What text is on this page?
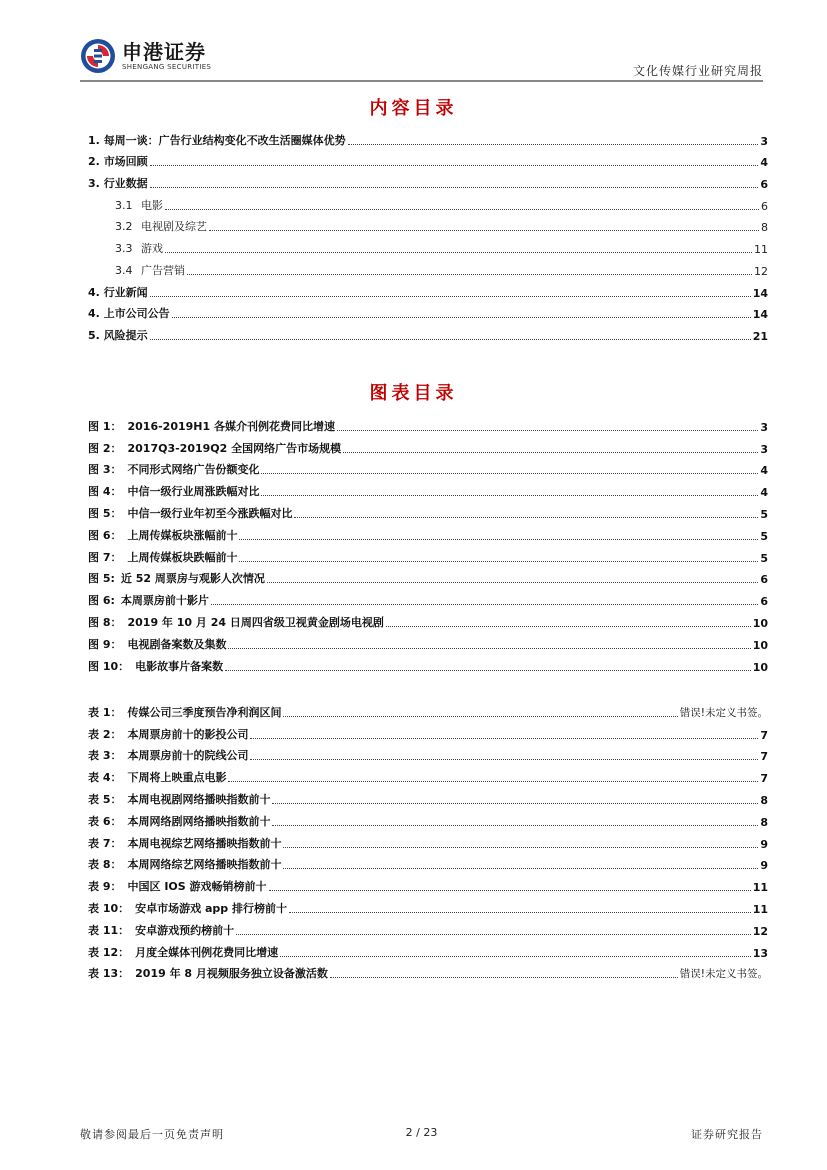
申港证券
SHENGANG SECURITIES	文化传媒行业研究周报
内容目录
1. 每周一谈：广告行业结构变化不改生活圈媒体优势	3
2. 市场回顾	4
3. 行业数据	6
3.1 电影	6
3.2 电视剧及综艺	8
3.3 游戏	11
3.4 广告营销	12
4. 行业新闻	14
4. 上市公司公告	14
5. 风险提示	21
图表目录
图 1： 2016-2019H1 各媒介刊例花费同比增速	3
图 2： 2017Q3-2019Q2 全国网络广告市场规模	3
图 3： 不同形式网络广告份额变化	4
图 4： 中信一级行业周涨跌幅对比	4
图 5： 中信一级行业年初至今涨跌幅对比	5
图 6： 上周传媒板块涨幅前十	5
图 7： 上周传媒板块跌幅前十	5
图 5: 近 52 周票房与观影人次情况	6
图 6: 本周票房前十影片	6
图 8： 2019 年 10 月 24 日周四省级卫视黄金剧场电视剧	10
图 9： 电视剧备案数及集数	10
图 10： 电影故事片备案数	10
表 1： 传媒公司三季度预告净利润区间	错误!未定义书签。
表 2： 本周票房前十的影投公司	7
表 3： 本周票房前十的院线公司	7
表 4： 下周将上映重点电影	7
表 5： 本周电视剧网络播映指数前十	8
表 6： 本周网络剧网络播映指数前十	8
表 7： 本周电视综艺网络播映指数前十	9
表 8： 本周网络综艺网络播映指数前十	9
表 9： 中国区 IOS 游戏畅销榜前十	11
表 10： 安卓市场游戏 app 排行榜前十	11
表 11： 安卓游戏预约榜前十	12
表 12： 月度全媒体刊例花费同比增速	13
表 13： 2019 年 8 月视频服务独立设备激活数	错误!未定义书签。
敬请参阅最后一页免责声明	2 / 23	证券研究报告
